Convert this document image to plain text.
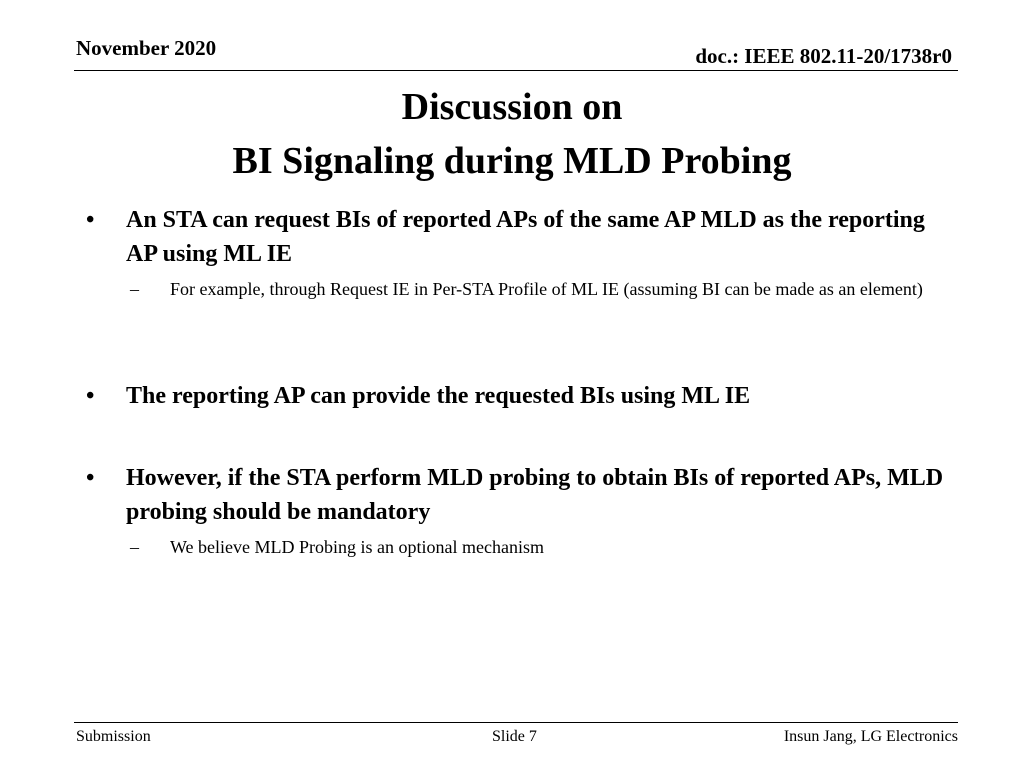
November 2020	doc.: IEEE 802.11-20/1738r0
Discussion on
BI Signaling during MLD Probing
• An STA can request BIs of reported APs of the same AP MLD as the reporting AP using ML IE
– For example, through Request IE in Per-STA Profile of ML IE (assuming BI can be made as an element)
• The reporting AP can provide the requested BIs using ML IE
• However, if the STA perform MLD probing to obtain BIs of reported APs, MLD probing should be mandatory
– We believe MLD Probing is an optional mechanism
Submission	Slide 7	Insun Jang, LG Electronics
